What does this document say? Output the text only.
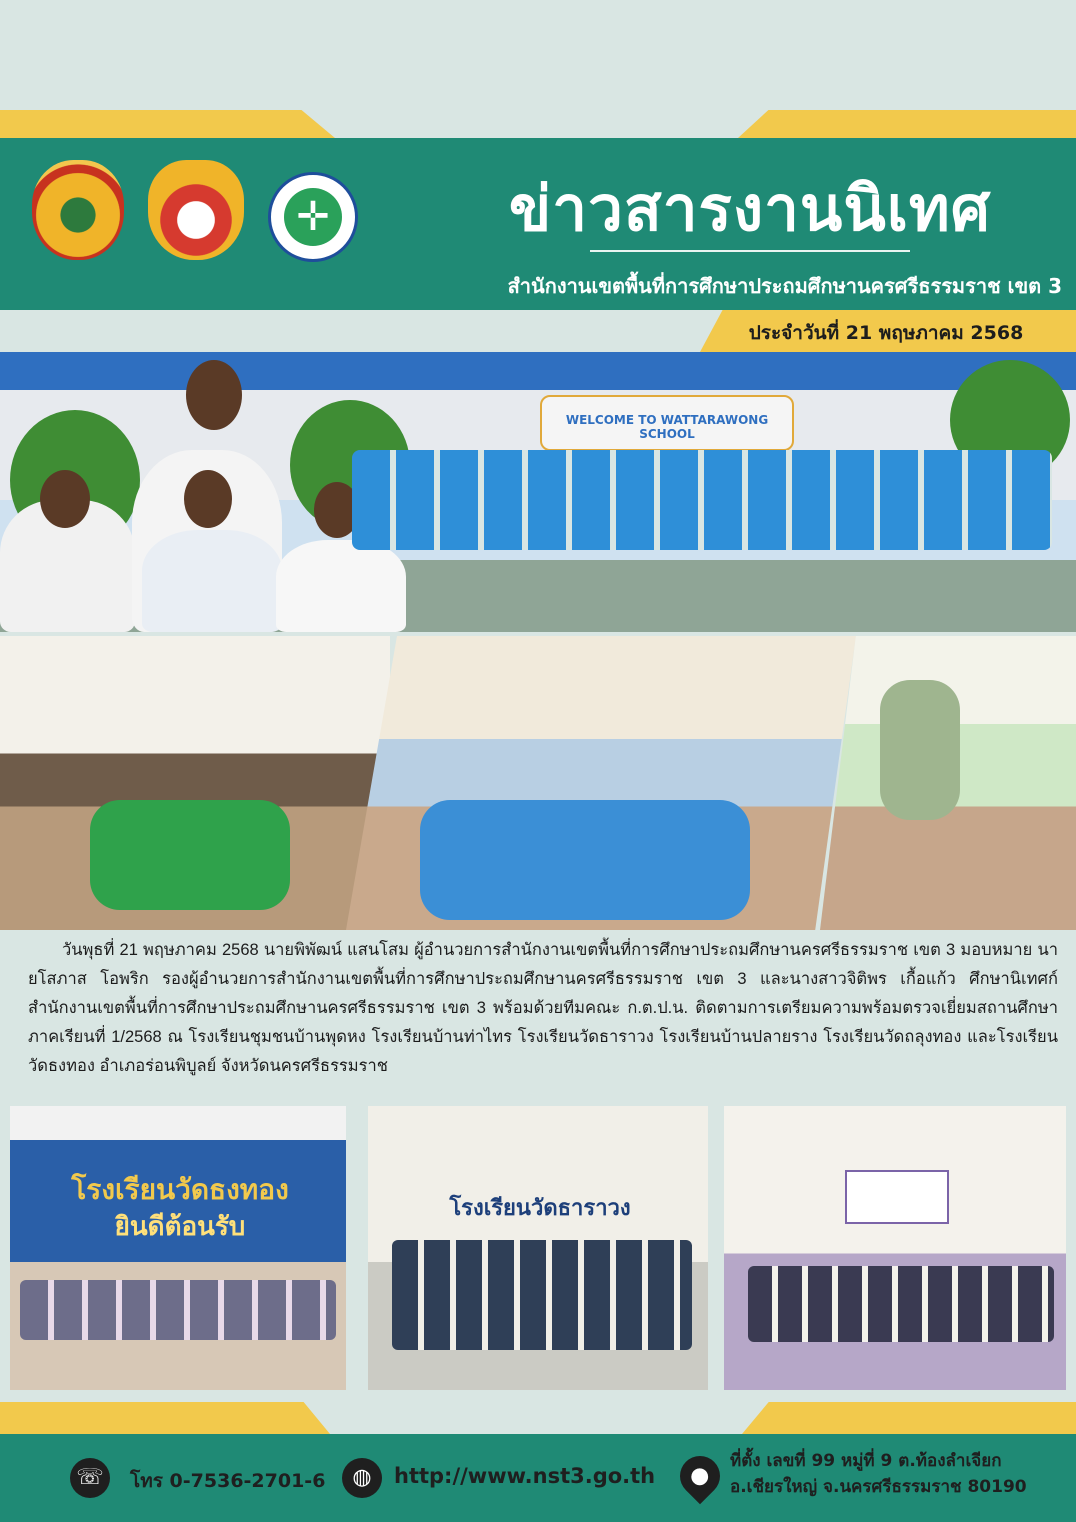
✛	ข่าวสารงานนิเทศ
สำนักงานเขตพื้นที่การศึกษาประถมศึกษานครศรีธรรมราช เขต 3
ประจำวันที่ 21 พฤษภาคม 2568
WELCOME TO WATTARAWONG SCHOOL

วันพุธที่ 21 พฤษภาคม 2568 นายพิพัฒน์ แสนโสม ผู้อำนวยการสำนักงานเขตพื้นที่การศึกษาประถมศึกษานครศรีธรรมราช เขต 3 มอบหมาย นายโสภาส โอพริก รองผู้อำนวยการสำนักงานเขตพื้นที่การศึกษาประถมศึกษานครศรีธรรมราช เขต 3 และนางสาวจิติพร เกื้อแก้ว ศึกษานิเทศก์ สำนักงานเขตพื้นที่การศึกษาประถมศึกษานครศรีธรรมราช เขต 3 พร้อมด้วยทีมคณะ ก.ต.ป.น. ติดตามการเตรียมความพร้อมตรวจเยี่ยมสถานศึกษา ภาคเรียนที่ 1/2568 ณ โรงเรียนชุมชนบ้านพุดหง โรงเรียนบ้านท่าไทร โรงเรียนวัดธาราวง โรงเรียนบ้านปลายราง โรงเรียนวัดถลุงทอง และโรงเรียนวัดธงทอง อำเภอร่อนพิบูลย์ จังหวัดนครศรีธรรมราช

โรงเรียนวัดธงทอง
ยินดีต้อนรับ
โรงเรียนวัดธาราวง
☏	โทร 0-7536-2701-6	◍	http://www.nst3.go.th	●
ที่ตั้ง เลขที่ 99 หมู่ที่ 9 ต.ท้องลำเจียก
อ.เชียรใหญ่ จ.นครศรีธรรมราช 80190
